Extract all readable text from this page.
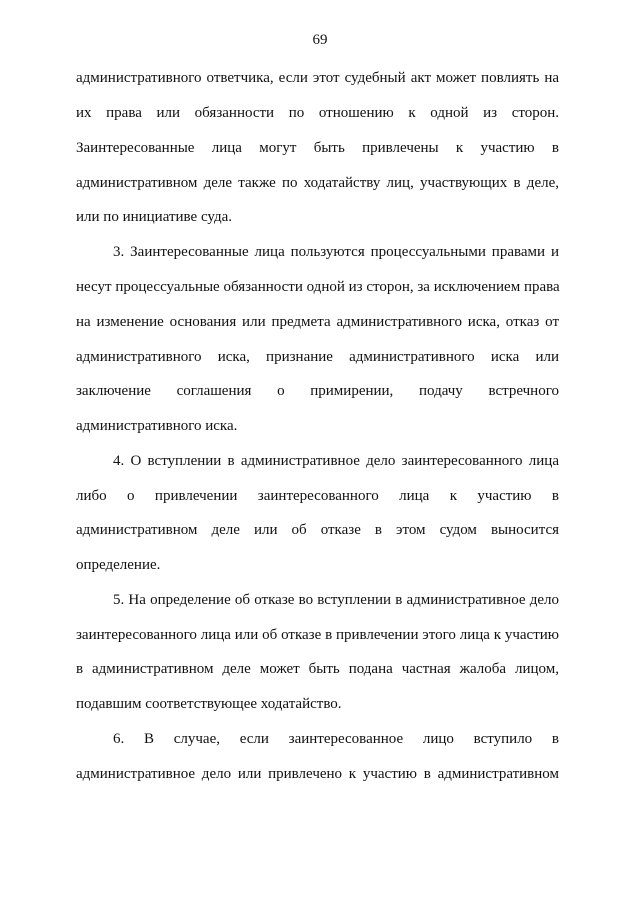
69
административного ответчика, если этот судебный акт может повлиять на
их права или обязанности по отношению к одной из сторон.
Заинтересованные лица могут быть привлечены к участию в
административном деле также по ходатайству лиц, участвующих в деле,
или по инициативе суда.
3. Заинтересованные лица пользуются процессуальными правами и
несут процессуальные обязанности одной из сторон, за исключением права
на изменение основания или предмета административного иска, отказ от
административного иска, признание административного иска или
заключение соглашения о примирении, подачу встречного
административного иска.
4. О вступлении в административное дело заинтересованного лица
либо о привлечении заинтересованного лица к участию в
административном деле или об отказе в этом судом выносится
определение.
5. На определение об отказе во вступлении в административное дело
заинтересованного лица или об отказе в привлечении этого лица к участию
в административном деле может быть подана частная жалоба лицом,
подавшим соответствующее ходатайство.
6. В случае, если заинтересованное лицо вступило в
административное дело или привлечено к участию в административном
